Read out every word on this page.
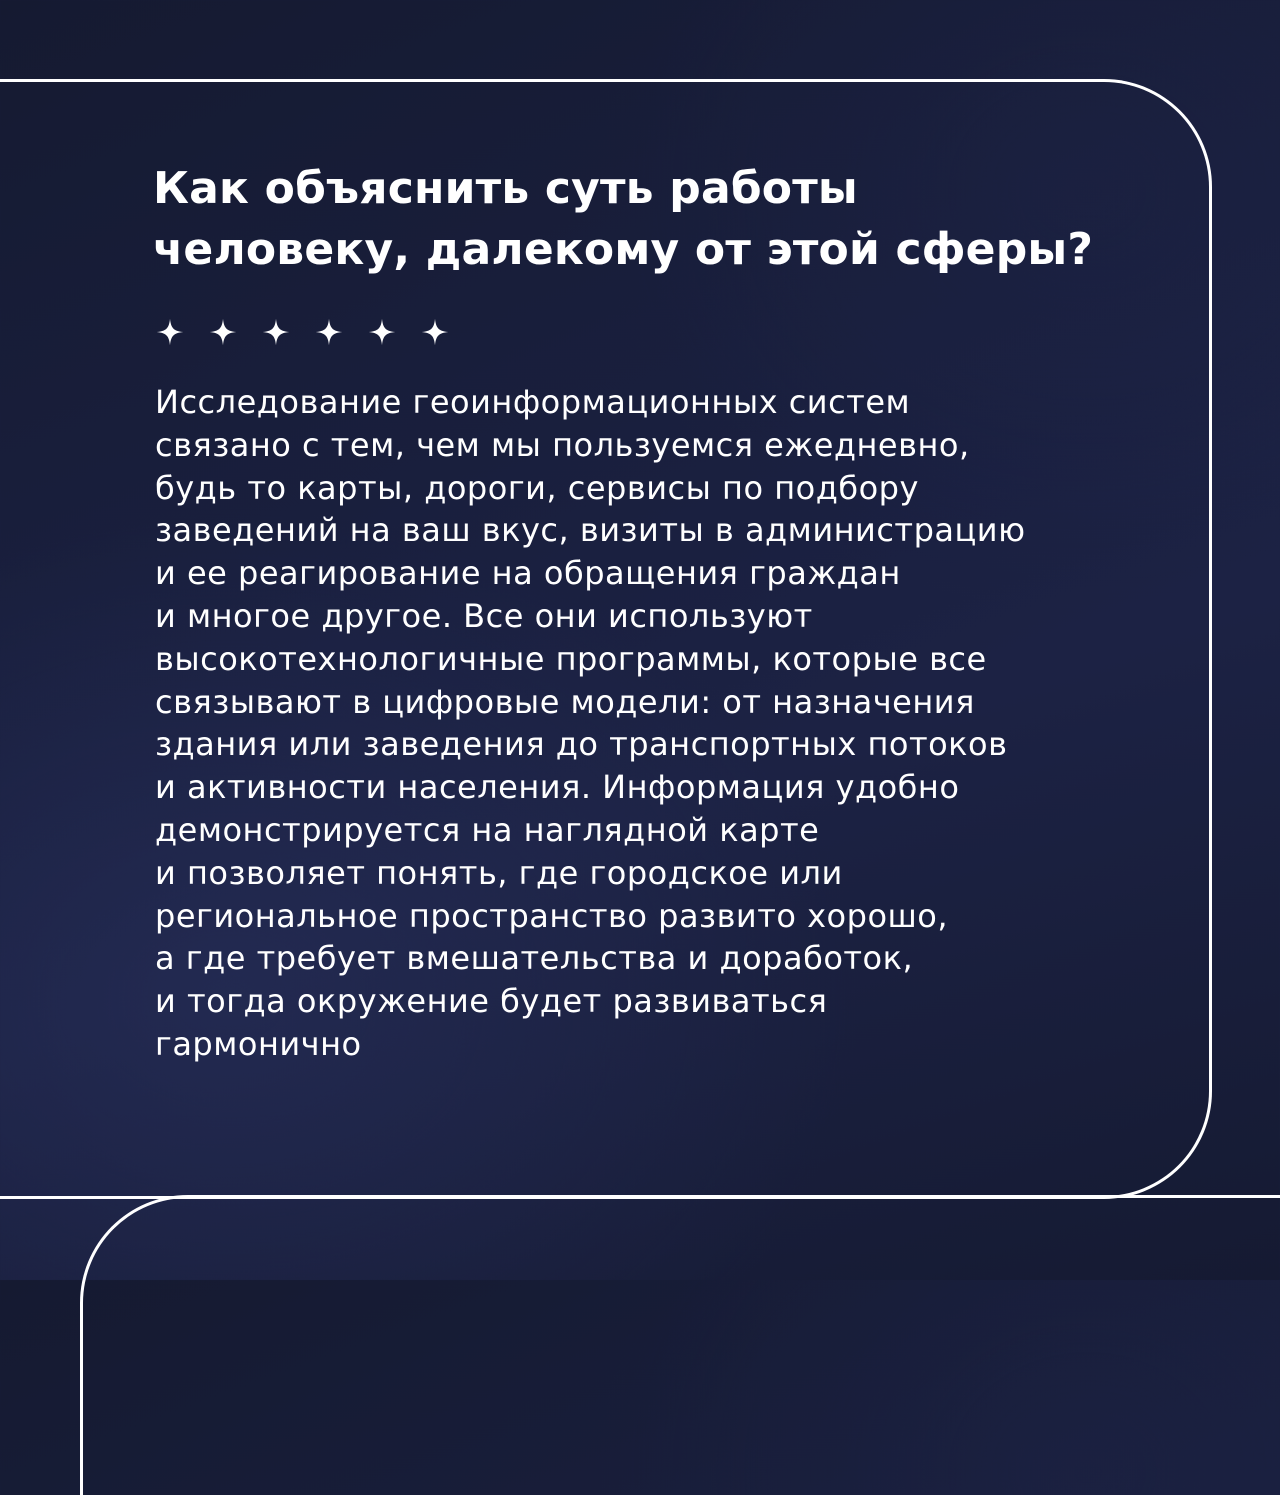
Как объяснить суть работы
человеку, далекому от этой сферы?
Исследование геоинформационных систем
связано с тем, чем мы пользуемся ежедневно,
будь то карты, дороги, сервисы по подбору
заведений на ваш вкус, визиты в администрацию
и ее реагирование на обращения граждан
и многое другое. Все они используют
высокотехнологичные программы, которые все
связывают в цифровые модели: от назначения
здания или заведения до транспортных потоков
и активности населения. Информация удобно
демонстрируется на наглядной карте
и позволяет понять, где городское или
региональное пространство развито хорошо,
а где требует вмешательства и доработок,
и тогда окружение будет развиваться
гармонично
